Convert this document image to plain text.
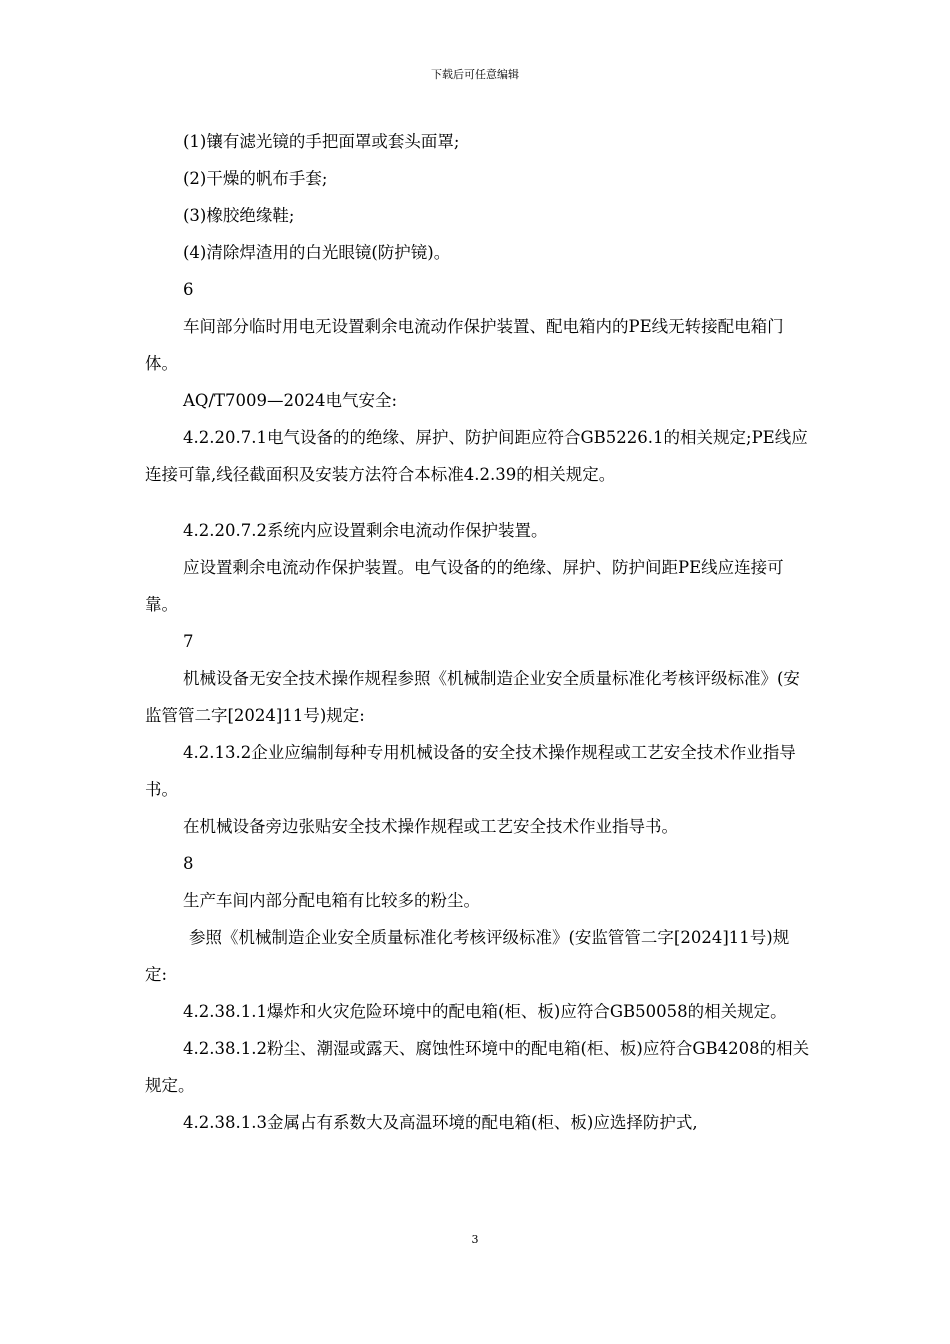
下载后可任意编辑

(1)镶有滤光镜的手把面罩或套头面罩;

(2)干燥的帆布手套;

(3)橡胶绝缘鞋;

(4)清除焊渣用的白光眼镜(防护镜)。

6

车间部分临时用电无设置剩余电流动作保护装置、配电箱内的PE线无转接配电箱门体。

AQ/T7009—2024电气安全:

4.2.20.7.1电气设备的的绝缘、屏护、防护间距应符合GB5226.1的相关规定;PE线应连接可靠,线径截面积及安装方法符合本标准4.2.39的相关规定。

4.2.20.7.2系统内应设置剩余电流动作保护装置。

应设置剩余电流动作保护装置。电气设备的的绝缘、屏护、防护间距PE线应连接可靠。

7

机械设备无安全技术操作规程参照《机械制造企业安全质量标准化考核评级标准》(安监管管二字[2024]11号)规定:

4.2.13.2企业应编制每种专用机械设备的安全技术操作规程或工艺安全技术作业指导书。

在机械设备旁边张贴安全技术操作规程或工艺安全技术作业指导书。

8

生产车间内部分配电箱有比较多的粉尘。

参照《机械制造企业安全质量标准化考核评级标准》(安监管管二字[2024]11号)规定:

4.2.38.1.1爆炸和火灾危险环境中的配电箱(柜、板)应符合GB50058的相关规定。

4.2.38.1.2粉尘、潮湿或露天、腐蚀性环境中的配电箱(柜、板)应符合GB4208的相关规定。

4.2.38.1.3金属占有系数大及高温环境的配电箱(柜、板)应选择防护式,

3
